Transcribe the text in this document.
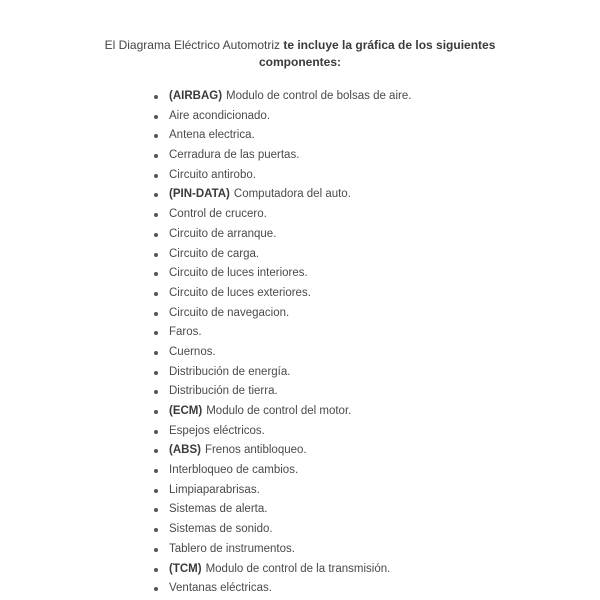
El Diagrama Eléctrico Automotriz te incluye la gráfica de los siguientes
componentes:
(AIRBAG) Modulo de control de bolsas de aire.
Aire acondicionado.
Antena electrica.
Cerradura de las puertas.
Circuito antirobo.
(PIN-DATA) Computadora del auto.
Control de crucero.
Circuito de arranque.
Circuito de carga.
Circuito de luces interiores.
Circuito de luces exteriores.
Circuito de navegacion.
Faros.
Cuernos.
Distribución de energía.
Distribución de tierra.
(ECM) Modulo de control del motor.
Espejos eléctricos.
(ABS) Frenos antibloqueo.
Interbloqueo de cambios.
Limpiaparabrisas.
Sistemas de alerta.
Sistemas de sonido.
Tablero de instrumentos.
(TCM) Modulo de control de la transmisión.
Ventanas eléctricas.
